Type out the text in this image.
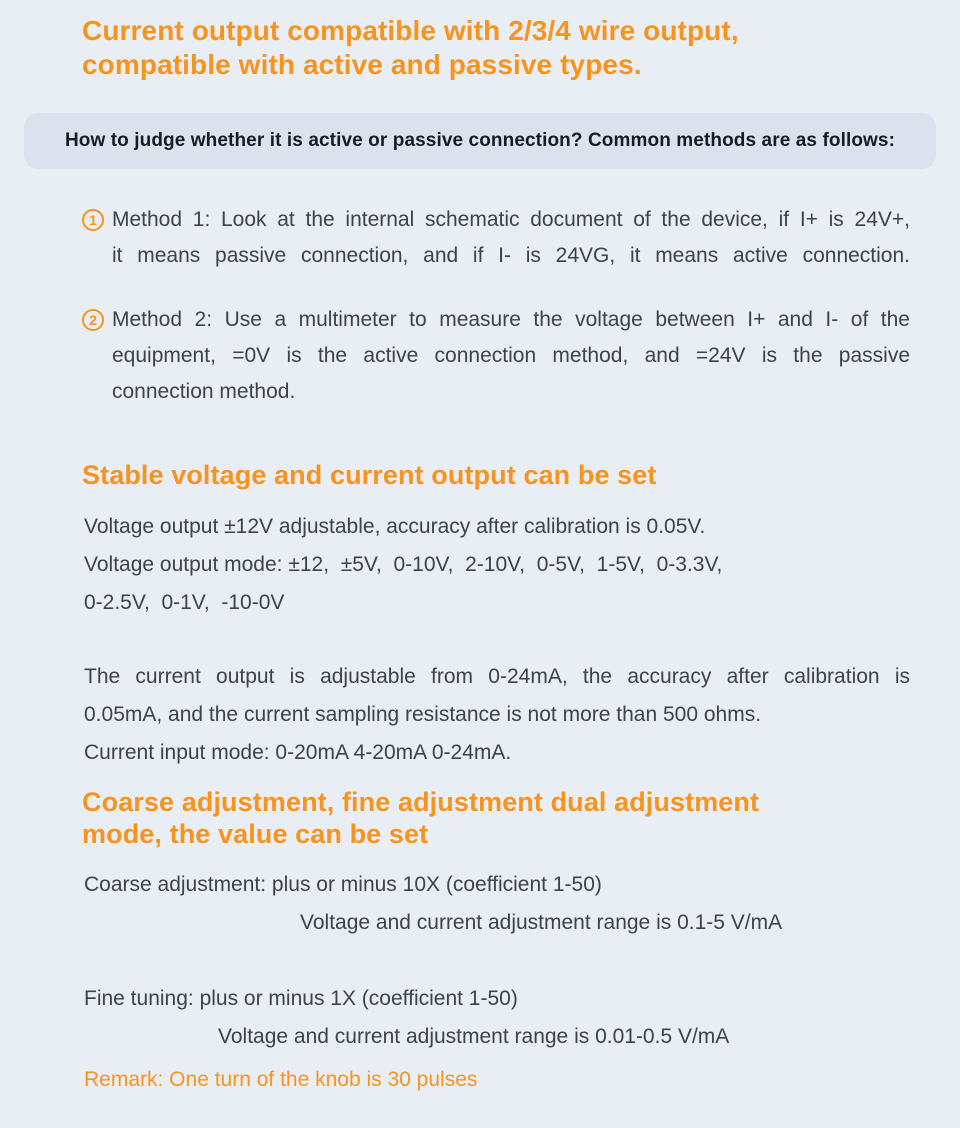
Current output compatible with 2/3/4 wire output,
compatible with active and passive types.
How to judge whether it is active or passive connection? Common methods are as follows:
1 Method 1: Look at the internal schematic document of the device, if I+ is 24V+,
it means passive connection, and if I- is 24VG, it means active connection.
2 Method 2: Use a multimeter to measure the voltage between I+ and I- of the
equipment, =0V is the active connection method, and =24V is the passive
connection method.
Stable voltage and current output can be set
Voltage output ±12V adjustable, accuracy after calibration is 0.05V.
Voltage output mode: ±12,  ±5V,  0-10V,  2-10V,  0-5V,  1-5V,  0-3.3V,
0-2.5V,  0-1V,  -10-0V
The current output is adjustable from 0-24mA, the accuracy after calibration is
0.05mA, and the current sampling resistance is not more than 500 ohms.
Current input mode: 0-20mA 4-20mA 0-24mA.
Coarse adjustment, fine adjustment dual adjustment
mode, the value can be set
Coarse adjustment: plus or minus 10X (coefficient 1-50)
Voltage and current adjustment range is 0.1-5 V/mA
Fine tuning: plus or minus 1X (coefficient 1-50)
Voltage and current adjustment range is 0.01-0.5 V/mA
Remark: One turn of the knob is 30 pulses
